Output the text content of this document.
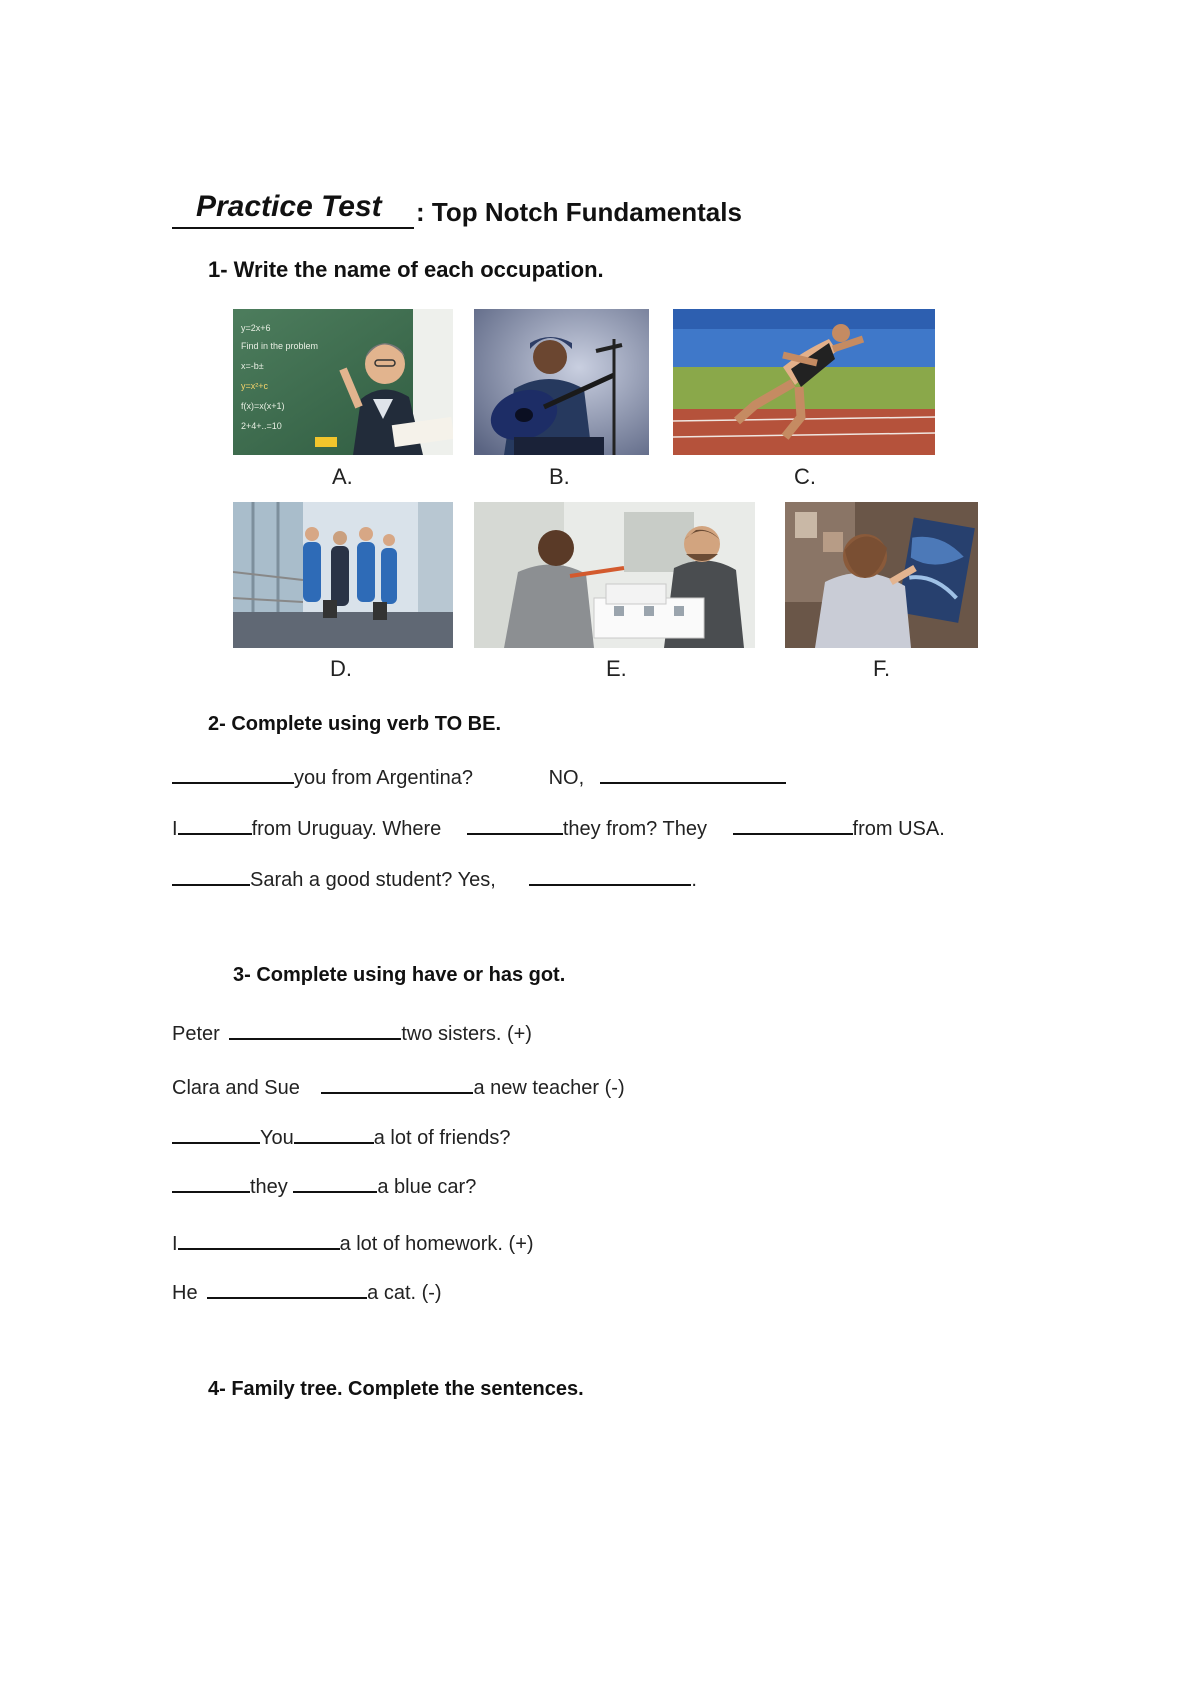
Practice Test : Top Notch Fundamentals
1- Write the name of each occupation.
y=2x+6
Find in the problem
x=-b±
y=x²+c
f(x)=x(x+1)
2+4+..=10
A.	B.	C.
D.	E.	F.
2- Complete using verb TO BE.
you from Argentina?	NO,
I	from Uruguay. Where	they from? They	from USA.
Sarah a good student? Yes,	.
3- Complete using have or has got.
Peter	two sisters. (+)
Clara and Sue	a new teacher (-)
You	a lot of friends?
they	a blue car?
I	a lot of homework. (+)
He	a cat. (-)
4- Family tree. Complete the sentences.
